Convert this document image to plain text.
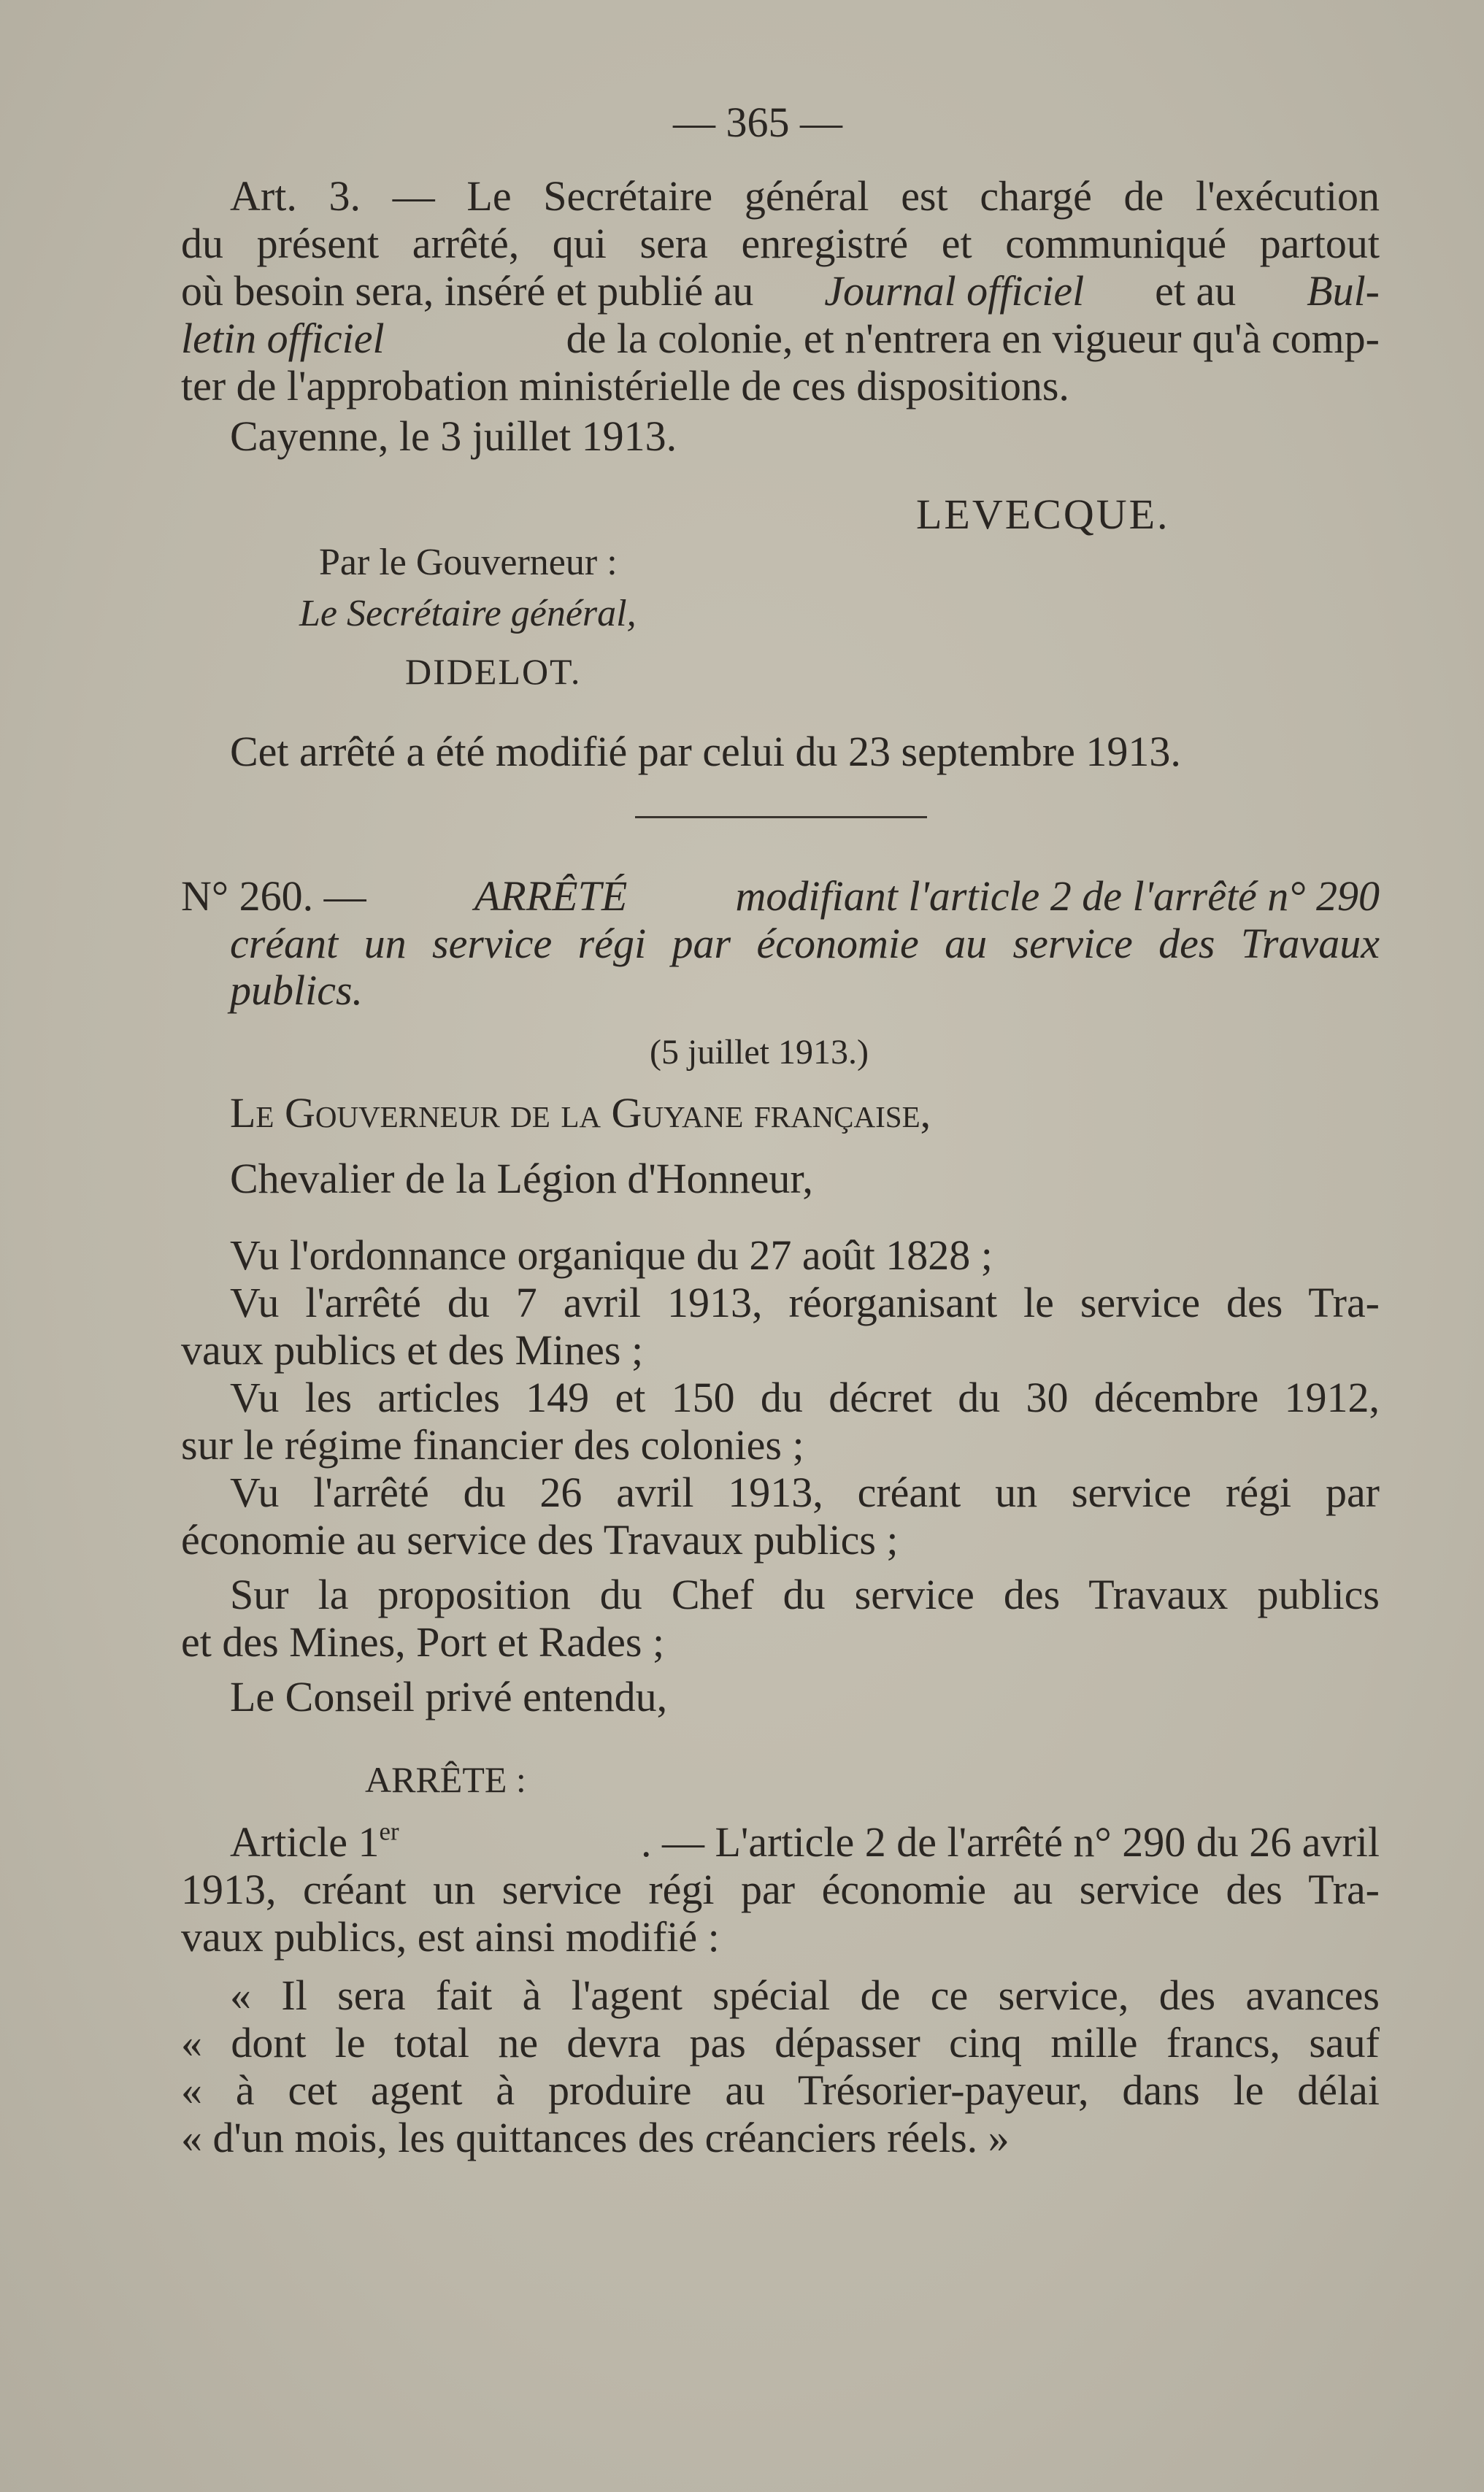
— 365 —
Art. 3. — Le Secrétaire général est chargé de l'exécution
du présent arrêté, qui sera enregistré et communiqué partout
où besoin sera, inséré et publié au Journal officiel et au Bul-
letin officiel	de la colonie, et n'entrera en vigueur qu'à comp-
ter de l'approbation ministérielle de ces dispositions.
Cayenne, le 3 juillet 1913.
LEVECQUE.
Par le Gouverneur :
Le Secrétaire général,
DIDELOT.
Cet arrêté a été modifié par celui du 23 septembre 1913.
N° 260. —	ARRÊTÉ	modifiant l'article 2 de l'arrêté n° 290
créant un service régi par économie au service des Travaux
publics.
(5 juillet 1913.)
Le Gouverneur de la Guyane française,
Chevalier de la Légion d'Honneur,
Vu l'ordonnance organique du 27 août 1828 ;
Vu l'arrêté du 7 avril 1913, réorganisant le service des Tra-
vaux publics et des Mines ;
Vu les articles 149 et 150 du décret du 30 décembre 1912,
sur le régime financier des colonies ;
Vu l'arrêté du 26 avril 1913, créant un service régi par
économie au service des Travaux publics ;
Sur la proposition du Chef du service des Travaux publics
et des Mines, Port et Rades ;
Le Conseil privé entendu,
ARRÊTE :
Article 1er	. — L'article 2 de l'arrêté n° 290 du 26 avril
1913, créant un service régi par économie au service des Tra-
vaux publics, est ainsi modifié :
« Il sera fait à l'agent spécial de ce service, des avances
« dont le total ne devra pas dépasser cinq mille francs, sauf
« à cet agent à produire au Trésorier-payeur, dans le délai
« d'un mois, les quittances des créanciers réels. »
